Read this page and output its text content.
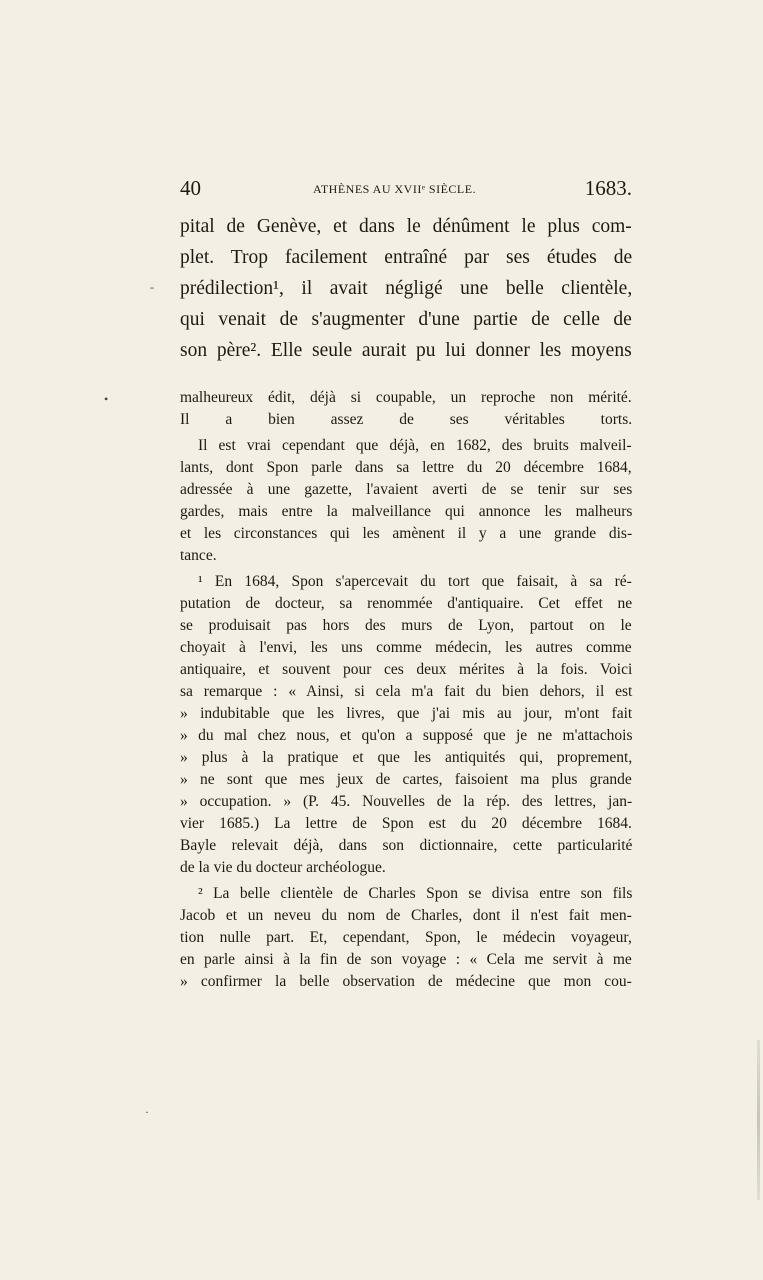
40	ATHÈNES AU XVIIᵉ SIÈCLE.	1683.
pital de Genève, et dans le dénûment le plus com-
plet. Trop facilement entraîné par ses études de
prédilection¹, il avait négligé une belle clientèle,
qui venait de s'augmenter d'une partie de celle de
son père². Elle seule aurait pu lui donner les moyens
malheureux édit, déjà si coupable, un reproche non mérité.
Il a bien assez de ses véritables torts.
Il est vrai cependant que déjà, en 1682, des bruits malveil-
lants, dont Spon parle dans sa lettre du 20 décembre 1684,
adressée à une gazette, l'avaient averti de se tenir sur ses
gardes, mais entre la malveillance qui annonce les malheurs
et les circonstances qui les amènent il y a une grande dis-
tance.
¹ En 1684, Spon s'apercevait du tort que faisait, à sa ré-
putation de docteur, sa renommée d'antiquaire. Cet effet ne
se produisait pas hors des murs de Lyon, partout on le
choyait à l'envi, les uns comme médecin, les autres comme
antiquaire, et souvent pour ces deux mérites à la fois. Voici
sa remarque : « Ainsi, si cela m'a fait du bien dehors, il est
» indubitable que les livres, que j'ai mis au jour, m'ont fait
» du mal chez nous, et qu'on a supposé que je ne m'attachois
» plus à la pratique et que les antiquités qui, proprement,
» ne sont que mes jeux de cartes, faisoient ma plus grande
» occupation. » (P. 45. Nouvelles de la rép. des lettres, jan-
vier 1685.) La lettre de Spon est du 20 décembre 1684.
Bayle relevait déjà, dans son dictionnaire, cette particularité
de la vie du docteur archéologue.
² La belle clientèle de Charles Spon se divisa entre son fils
Jacob et un neveu du nom de Charles, dont il n'est fait men-
tion nulle part. Et, cependant, Spon, le médecin voyageur,
en parle ainsi à la fin de son voyage : « Cela me servit à me
» confirmer la belle observation de médecine que mon cou-
-
•
·
